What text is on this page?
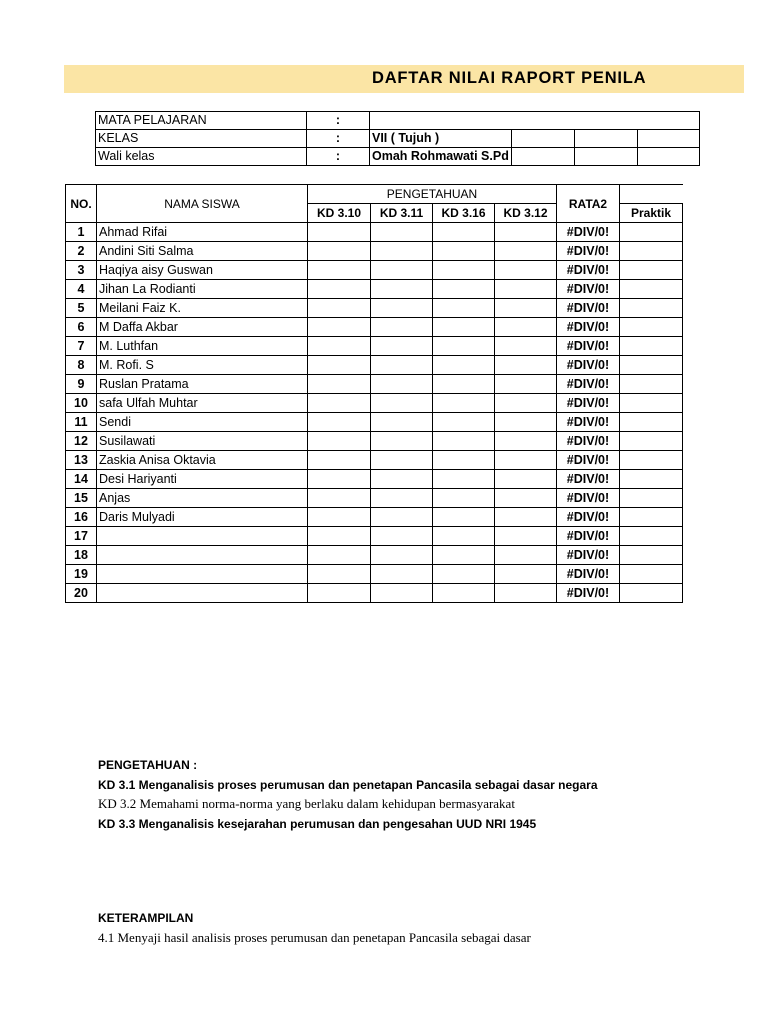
DAFTAR NILAI RAPORT PENILA
MATA PELAJARAN	:				
KELAS	:	VII ( Tujuh )			
Wali kelas	:	Omah Rohmawati S.Pd			
NO.	NAMA SISWA	PENGETAHUAN				RATA2	
		KD 3.10	KD 3.11	KD 3.16	KD 3.12		Praktik
1	Ahmad Rifai					#DIV/0!	
2	Andini Siti Salma					#DIV/0!	
3	Haqiya aisy Guswan					#DIV/0!	
4	Jihan La Rodianti					#DIV/0!	
5	Meilani Faiz K.					#DIV/0!	
6	M Daffa Akbar					#DIV/0!	
7	M. Luthfan					#DIV/0!	
8	M. Rofi. S					#DIV/0!	
9	Ruslan Pratama					#DIV/0!	
10	safa Ulfah Muhtar					#DIV/0!	
11	Sendi					#DIV/0!	
12	Susilawati					#DIV/0!	
13	Zaskia Anisa Oktavia					#DIV/0!	
14	Desi Hariyanti					#DIV/0!	
15	Anjas					#DIV/0!	
16	Daris Mulyadi					#DIV/0!	
17						#DIV/0!	
18						#DIV/0!	
19						#DIV/0!	
20						#DIV/0!	
PENGETAHUAN :
KD 3.1 Menganalisis proses perumusan dan penetapan Pancasila sebagai dasar negara
KD 3.2 Memahami norma-norma yang berlaku dalam kehidupan bermasyarakat
KD 3.3 Menganalisis kesejarahan perumusan dan pengesahan UUD NRI 1945
KETERAMPILAN
4.1 Menyaji hasil analisis proses perumusan dan penetapan Pancasila sebagai dasar
